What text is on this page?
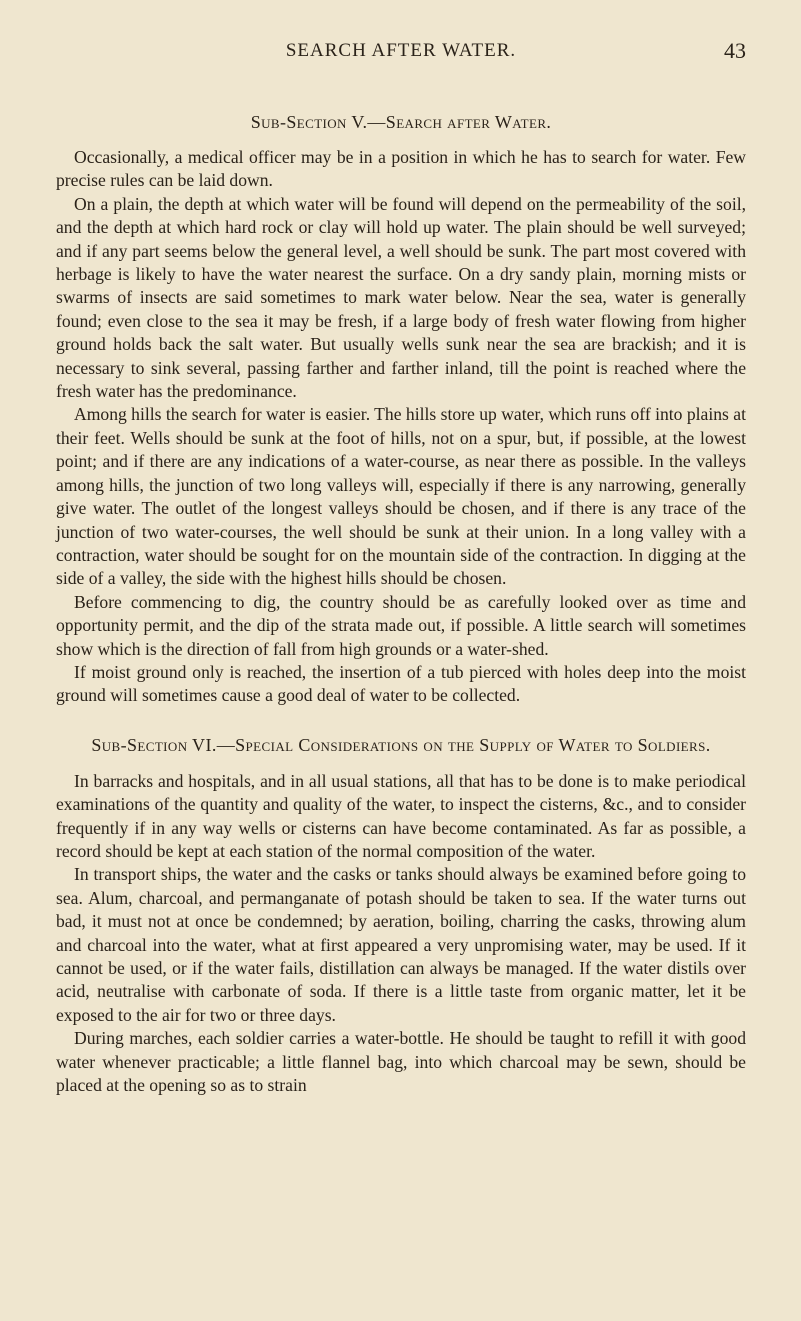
SEARCH AFTER WATER.	43
Sub-Section V.—Search after Water.

Occasionally, a medical officer may be in a position in which he has to search for water. Few precise rules can be laid down.

On a plain, the depth at which water will be found will depend on the permeability of the soil, and the depth at which hard rock or clay will hold up water. The plain should be well surveyed; and if any part seems below the general level, a well should be sunk. The part most covered with herbage is likely to have the water nearest the surface. On a dry sandy plain, morning mists or swarms of insects are said sometimes to mark water below. Near the sea, water is generally found; even close to the sea it may be fresh, if a large body of fresh water flowing from higher ground holds back the salt water. But usually wells sunk near the sea are brackish; and it is necessary to sink several, passing farther and farther inland, till the point is reached where the fresh water has the predominance.

Among hills the search for water is easier. The hills store up water, which runs off into plains at their feet. Wells should be sunk at the foot of hills, not on a spur, but, if possible, at the lowest point; and if there are any indications of a water-course, as near there as possible. In the valleys among hills, the junction of two long valleys will, especially if there is any narrowing, generally give water. The outlet of the longest valleys should be chosen, and if there is any trace of the junction of two water-courses, the well should be sunk at their union. In a long valley with a contraction, water should be sought for on the mountain side of the contraction. In digging at the side of a valley, the side with the highest hills should be chosen.

Before commencing to dig, the country should be as carefully looked over as time and opportunity permit, and the dip of the strata made out, if possible. A little search will sometimes show which is the direction of fall from high grounds or a water-shed.

If moist ground only is reached, the insertion of a tub pierced with holes deep into the moist ground will sometimes cause a good deal of water to be collected.

Sub-Section VI.—Special Considerations on the Supply of Water to Soldiers.

In barracks and hospitals, and in all usual stations, all that has to be done is to make periodical examinations of the quantity and quality of the water, to inspect the cisterns, &c., and to consider frequently if in any way wells or cisterns can have become contaminated. As far as possible, a record should be kept at each station of the normal composition of the water.

In transport ships, the water and the casks or tanks should always be examined before going to sea. Alum, charcoal, and permanganate of potash should be taken to sea. If the water turns out bad, it must not at once be condemned; by aeration, boiling, charring the casks, throwing alum and charcoal into the water, what at first appeared a very unpromising water, may be used. If it cannot be used, or if the water fails, distillation can always be managed. If the water distils over acid, neutralise with carbonate of soda. If there is a little taste from organic matter, let it be exposed to the air for two or three days.

During marches, each soldier carries a water-bottle. He should be taught to refill it with good water whenever practicable; a little flannel bag, into which charcoal may be sewn, should be placed at the opening so as to strain
